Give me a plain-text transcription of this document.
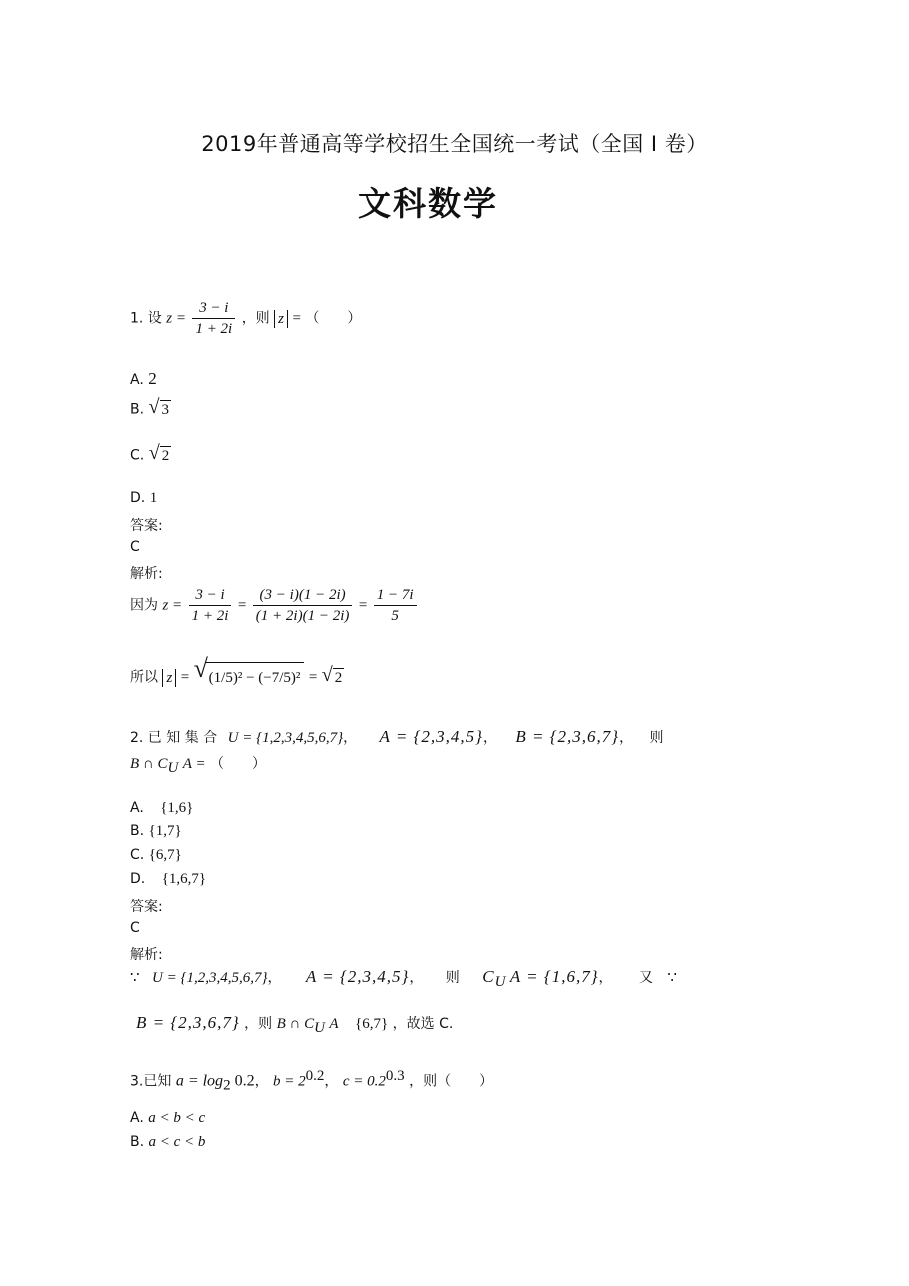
2019年普通高等学校招生全国统一考试（全国 I 卷）
文科数学
1. 设 $z = \frac{3 - i}{1 + 2i}$ ，则 z = （　　）
A. 2
B. √ 3
C. √ 2
D. 1
答案:
C
解析:
因为 $z = \frac{3 - i}{1 + 2i} = \frac{(3 - i)(1 - 2i)}{(1 + 2i)(1 - 2i)} = \frac{1 - 7i}{5}$
所以 z = √ (1/5)² − (−7/5)² = √ 2
2. 已 知 集 合 U = {1,2,3,4,5,6,7}， A = {2,3,4,5}， B = {2,3,6,7}， 则
B ∩ $C_U$ A = （　　）
A. {1,6}
B. {1,7}
C. {6,7}
D. {1,6,7}
答案:
C
解析:
∵ U = {1,2,3,4,5,6,7}， A = {2,3,4,5}， 则 $C_U$ A = {1,6,7}， 又 ∵
B = {2,3,6,7} ，则 B ∩ $C_U$ A {6,7} ，故选 C.
3.已知 $a = \log_2 0.2$， $b = 2^{0.2}$， $c = 0.2^{0.3}$ ，则（　　）
A. a < b < c
B. a < c < b
